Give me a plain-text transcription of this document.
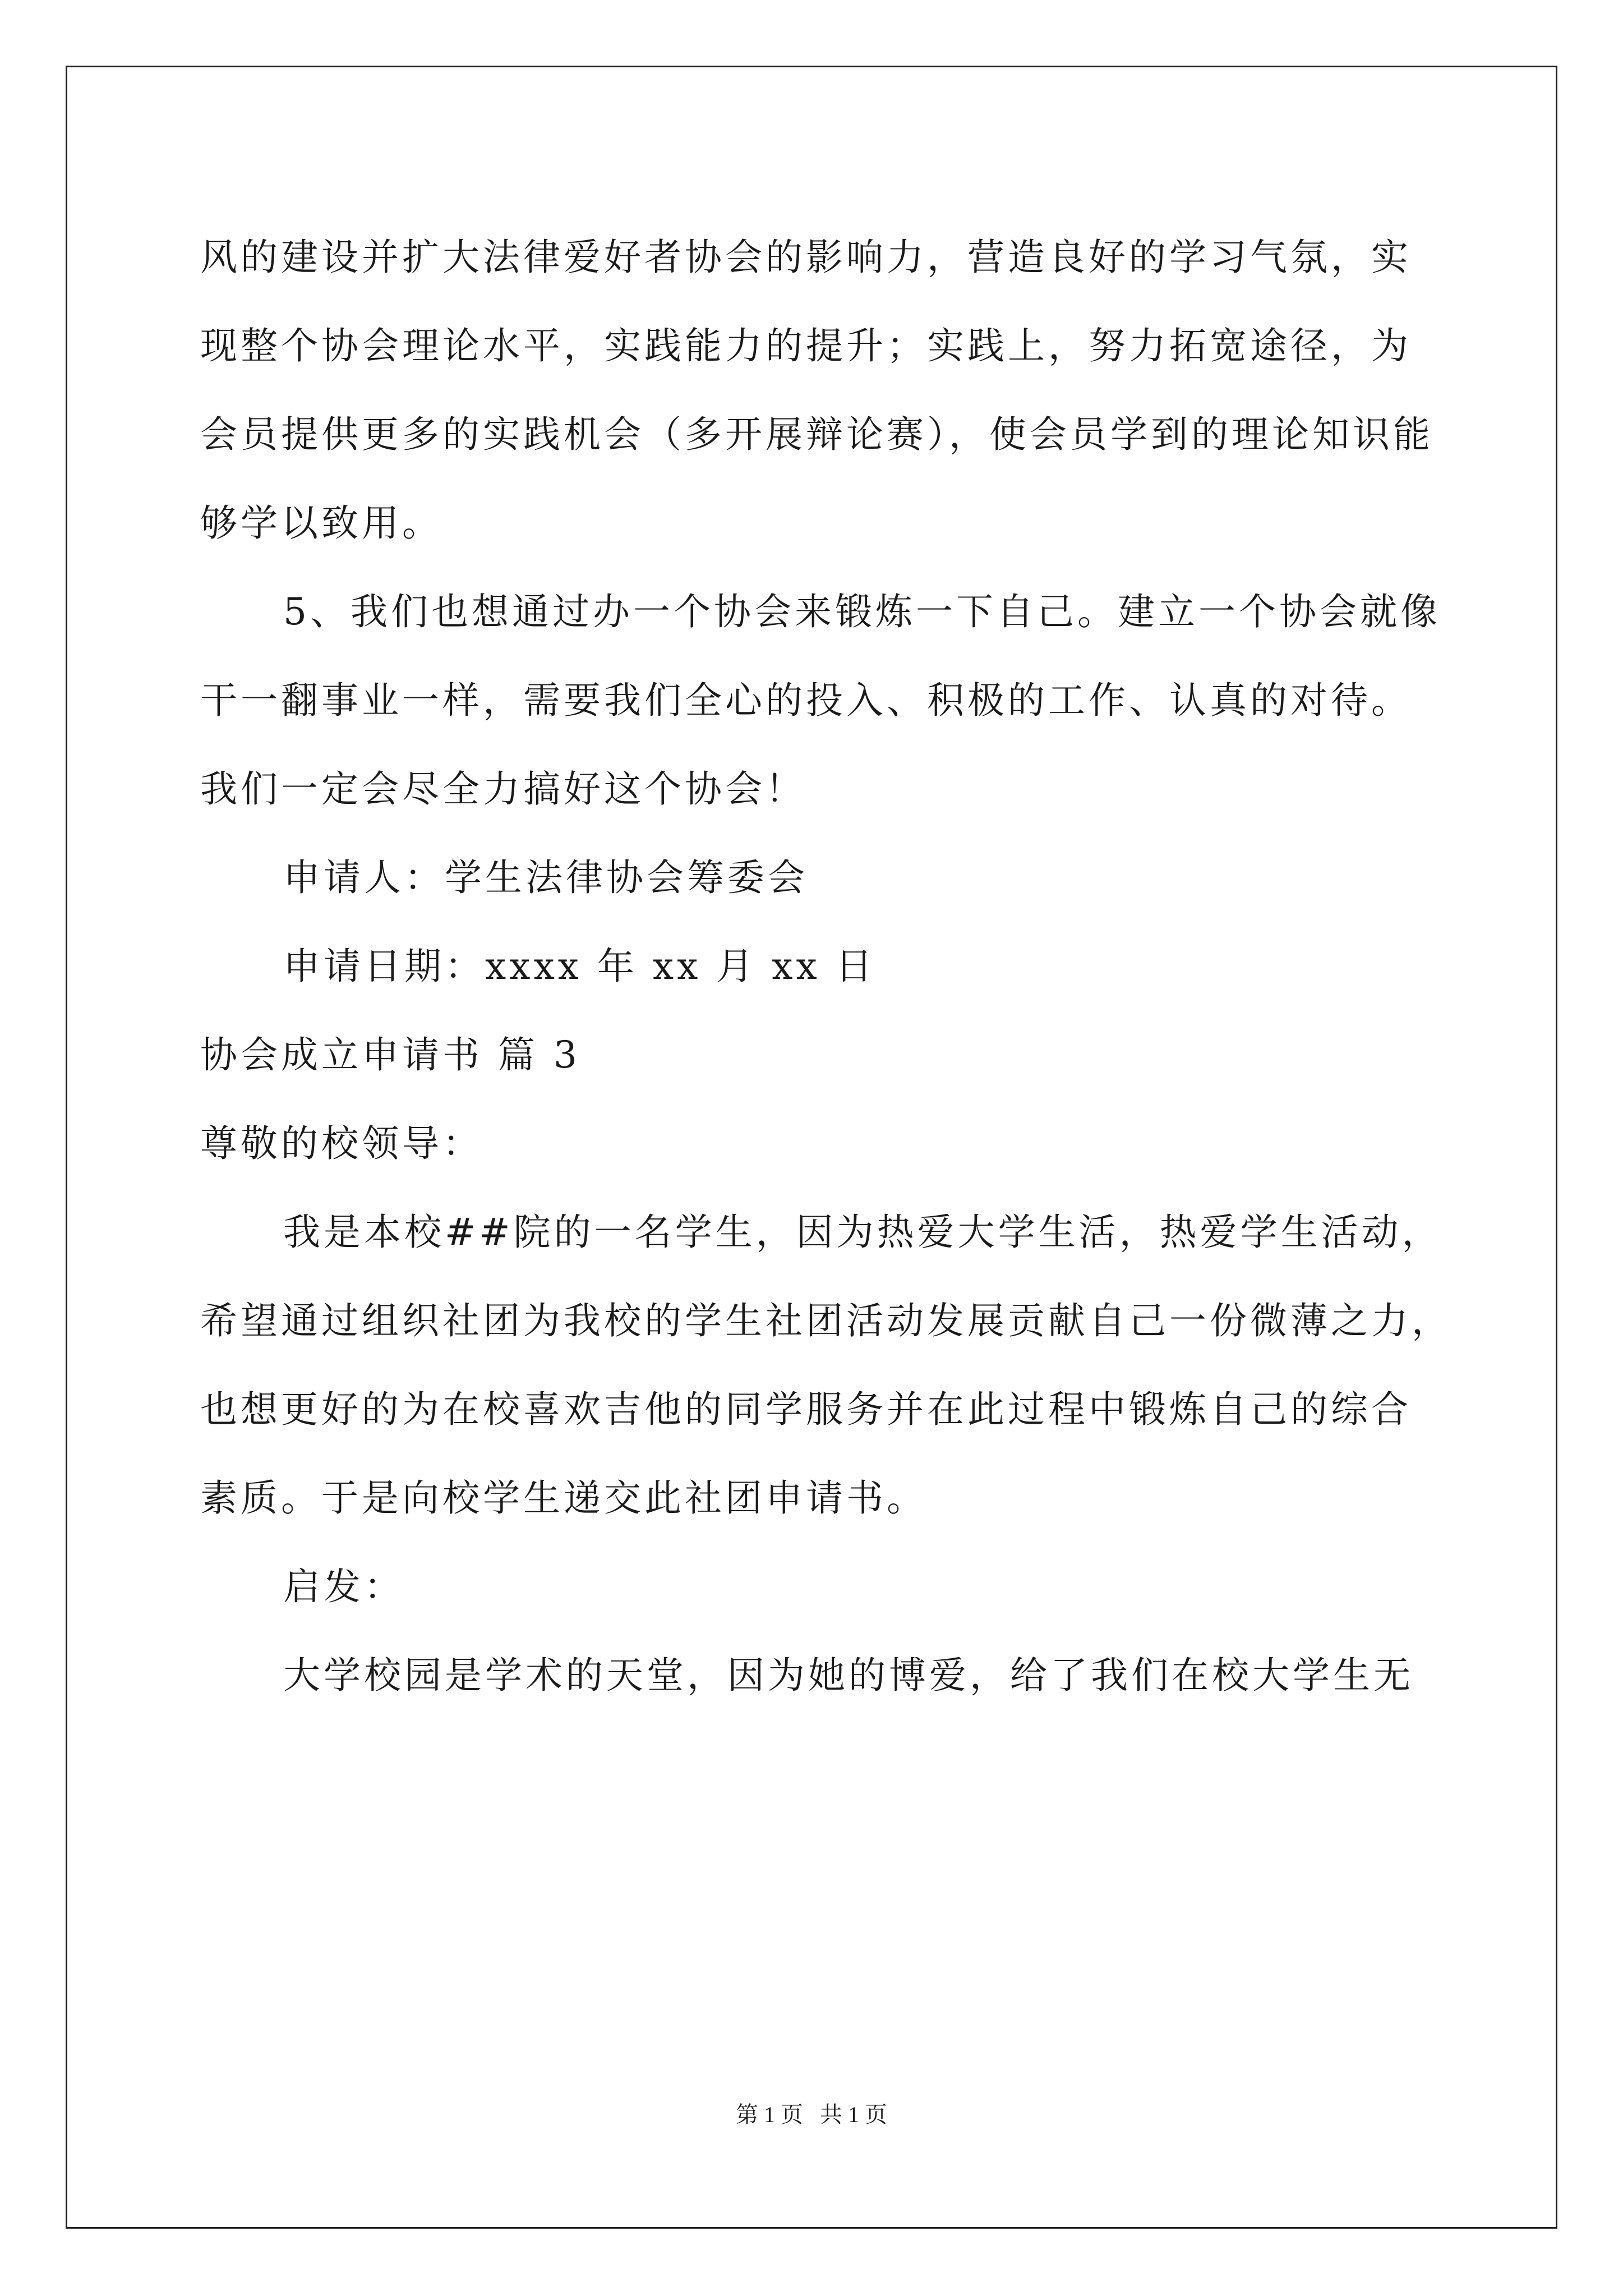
风的建设并扩大法律爱好者协会的影响力，营造良好的学习气氛，实
现整个协会理论水平，实践能力的提升；实践上，努力拓宽途径，为
会员提供更多的实践机会（多开展辩论赛），使会员学到的理论知识能
够学以致用。
5、我们也想通过办一个协会来锻炼一下自己。建立一个协会就像
干一翻事业一样，需要我们全心的投入、积极的工作、认真的对待。
我们一定会尽全力搞好这个协会！
申请人：学生法律协会筹委会
申请日期：xxxx 年 xx 月 xx 日
协会成立申请书 篇 3
尊敬的校领导：
我是本校##院的一名学生，因为热爱大学生活，热爱学生活动，
希望通过组织社团为我校的学生社团活动发展贡献自己一份微薄之力，
也想更好的为在校喜欢吉他的同学服务并在此过程中锻炼自己的综合
素质。于是向校学生递交此社团申请书。
启发：
大学校园是学术的天堂，因为她的博爱，给了我们在校大学生无
第 1 页 共 1 页
